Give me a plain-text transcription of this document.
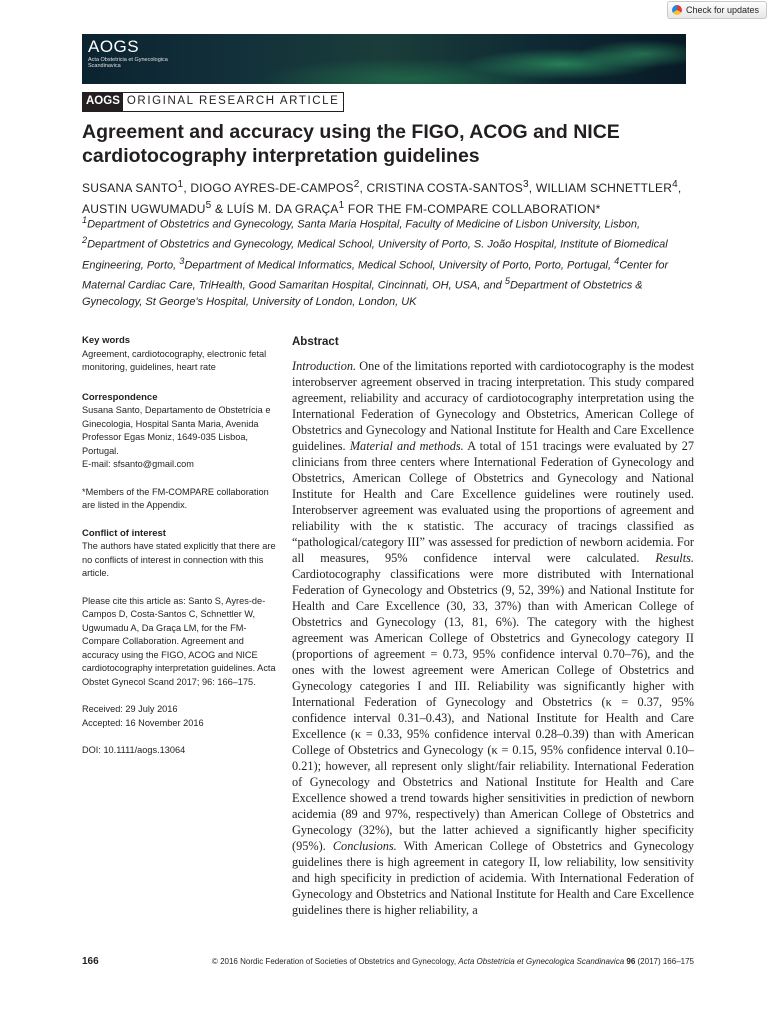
Check for updates
AOGS
Acta Obstetricia et Gynecologica
Scandinavica
AOGS ORIGINAL RESEARCH ARTICLE
Agreement and accuracy using the FIGO, ACOG and NICE cardiotocography interpretation guidelines
SUSANA SANTO$^1$, DIOGO AYRES-DE-CAMPOS$^2$, CRISTINA COSTA-SANTOS$^3$, WILLIAM SCHNETTLER$^4$, AUSTIN UGWUMADU$^5$ & LUÍS M. DA GRAÇA$^1$ FOR THE FM-COMPARE COLLABORATION*
$^1$Department of Obstetrics and Gynecology, Santa Maria Hospital, Faculty of Medicine of Lisbon University, Lisbon, $^2$Department of Obstetrics and Gynecology, Medical School, University of Porto, S. João Hospital, Institute of Biomedical Engineering, Porto, $^3$Department of Medical Informatics, Medical School, University of Porto, Porto, Portugal, $^4$Center for Maternal Cardiac Care, TriHealth, Good Samaritan Hospital, Cincinnati, OH, USA, and $^5$Department of Obstetrics & Gynecology, St George's Hospital, University of London, London, UK
Key words

Agreement, cardiotocography, electronic fetal monitoring, guidelines, heart rate

Correspondence

Susana Santo, Departamento de Obstetrícia e Ginecologia, Hospital Santa Maria, Avenida Professor Egas Moniz, 1649-035 Lisboa, Portugal.

E-mail: sfsanto@gmail.com

*Members of the FM-COMPARE collaboration are listed in the Appendix.

Conflict of interest

The authors have stated explicitly that there are no conflicts of interest in connection with this article.

Please cite this article as: Santo S, Ayres-de-Campos D, Costa-Santos C, Schnettler W, Ugwumadu A, Da Graça LM, for the FM-Compare Collaboration. Agreement and accuracy using the FIGO, ACOG and NICE cardiotocography interpretation guidelines. Acta Obstet Gynecol Scand 2017; 96: 166–175.

Received: 29 July 2016

Accepted: 16 November 2016

DOI: 10.1111/aogs.13064

Abstract

Introduction. One of the limitations reported with cardiotocography is the modest interobserver agreement observed in tracing interpretation. This study compared agreement, reliability and accuracy of cardiotocography interpretation using the International Federation of Gynecology and Obstetrics, American College of Obstetrics and Gynecology and National Institute for Health and Care Excellence guidelines. Material and methods. A total of 151 tracings were evaluated by 27 clinicians from three centers where International Federation of Gynecology and Obstetrics, American College of Obstetrics and Gynecology and National Institute for Health and Care Excellence guidelines were routinely used. Interobserver agreement was evaluated using the proportions of agreement and reliability with the κ statistic. The accuracy of tracings classified as “pathological/category III” was assessed for prediction of newborn acidemia. For all measures, 95% confidence interval were calculated. Results. Cardiotocography classifications were more distributed with International Federation of Gynecology and Obstetrics (9, 52, 39%) and National Institute for Health and Care Excellence (30, 33, 37%) than with American College of Obstetrics and Gynecology (13, 81, 6%). The category with the highest agreement was American College of Obstetrics and Gynecology category II (proportions of agreement = 0.73, 95% confidence interval 0.70–76), and the ones with the lowest agreement were American College of Obstetrics and Gynecology categories I and III. Reliability was significantly higher with International Federation of Gynecology and Obstetrics (κ = 0.37, 95% confidence interval 0.31–0.43), and National Institute for Health and Care Excellence (κ = 0.33, 95% confidence interval 0.28–0.39) than with American College of Obstetrics and Gynecology (κ = 0.15, 95% confidence interval 0.10–0.21); however, all represent only slight/fair reliability. International Federation of Gynecology and Obstetrics and National Institute for Health and Care Excellence showed a trend towards higher sensitivities in prediction of newborn acidemia (89 and 97%, respectively) than American College of Obstetrics and Gynecology (32%), but the latter achieved a significantly higher specificity (95%). Conclusions. With American College of Obstetrics and Gynecology guidelines there is high agreement in category II, low reliability, low sensitivity and high specificity in prediction of acidemia. With International Federation of Gynecology and Obstetrics and National Institute for Health and Care Excellence guidelines there is higher reliability, a

166	© 2016 Nordic Federation of Societies of Obstetrics and Gynecology, Acta Obstetricia et Gynecologica Scandinavica 96 (2017) 166–175
